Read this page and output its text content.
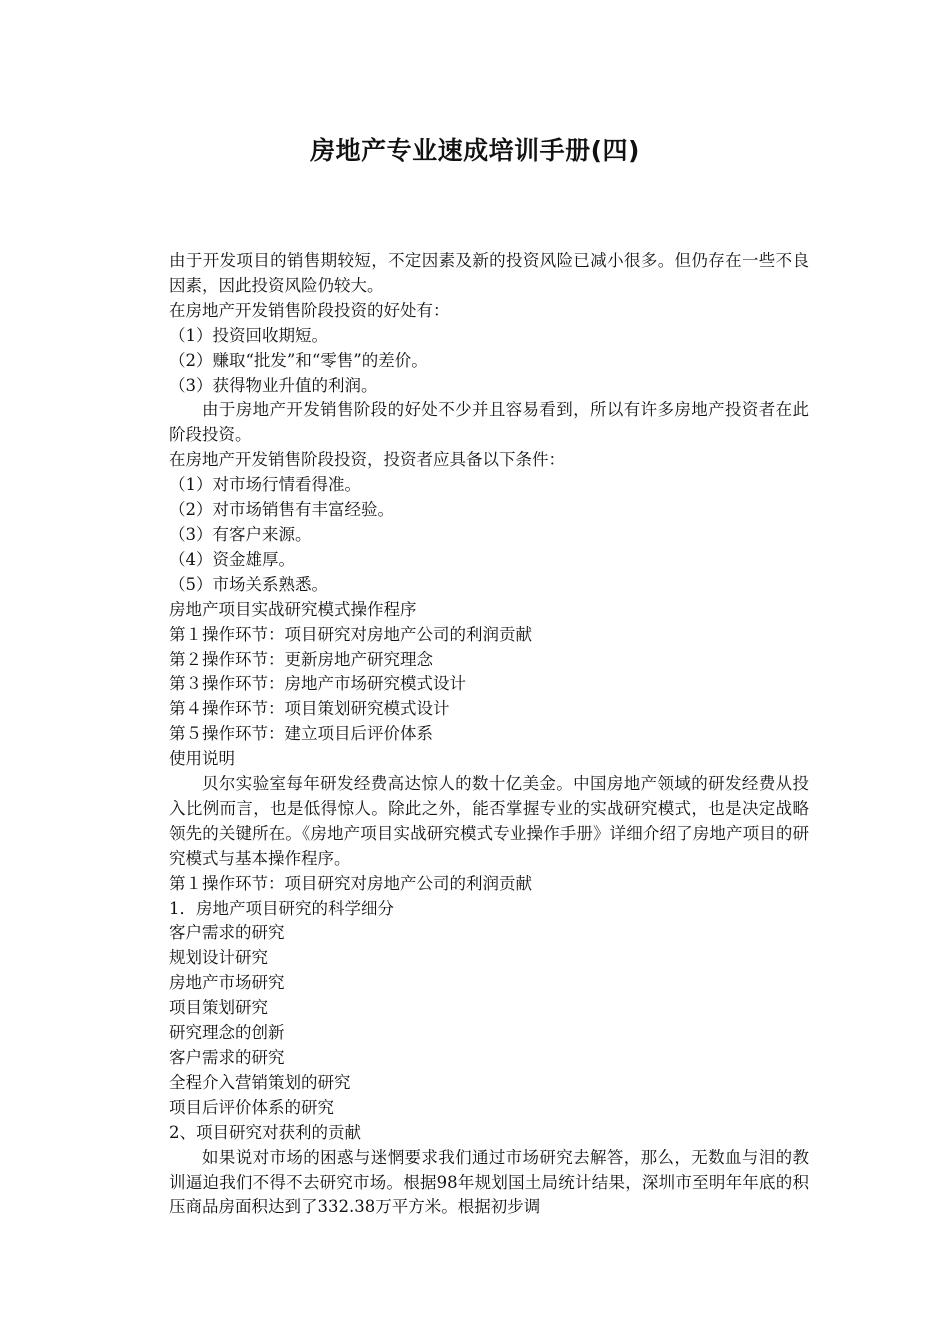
房地产专业速成培训手册(四)

由于开发项目的销售期较短，不定因素及新的投资风险已减小很多。但仍存在一些不良因素，因此投资风险仍较大。

在房地产开发销售阶段投资的好处有：

（1）投资回收期短。

（2）赚取“批发”和“零售”的差价。

（3）获得物业升值的利润。

由于房地产开发销售阶段的好处不少并且容易看到，所以有许多房地产投资者在此阶段投资。

在房地产开发销售阶段投资，投资者应具备以下条件：

（1）对市场行情看得准。

（2）对市场销售有丰富经验。

（3）有客户来源。

（4）资金雄厚。

（5）市场关系熟悉。

房地产项目实战研究模式操作程序

第１操作环节：项目研究对房地产公司的利润贡献

第２操作环节：更新房地产研究理念

第３操作环节：房地产市场研究模式设计

第４操作环节：项目策划研究模式设计

第５操作环节：建立项目后评价体系

使用说明

贝尔实验室每年研发经费高达惊人的数十亿美金。中国房地产领域的研发经费从投入比例而言，也是低得惊人。除此之外，能否掌握专业的实战研究模式，也是决定战略领先的关键所在。《房地产项目实战研究模式专业操作手册》详细介绍了房地产项目的研究模式与基本操作程序。

第１操作环节：项目研究对房地产公司的利润贡献

1．房地产项目研究的科学细分

客户需求的研究

规划设计研究

房地产市场研究

项目策划研究

研究理念的创新

客户需求的研究

全程介入营销策划的研究

项目后评价体系的研究

2、项目研究对获利的贡献

如果说对市场的困惑与迷惘要求我们通过市场研究去解答，那么，无数血与泪的教训逼迫我们不得不去研究市场。根据98年规划国土局统计结果，深圳市至明年年底的积压商品房面积达到了332.38万平方米。根据初步调
